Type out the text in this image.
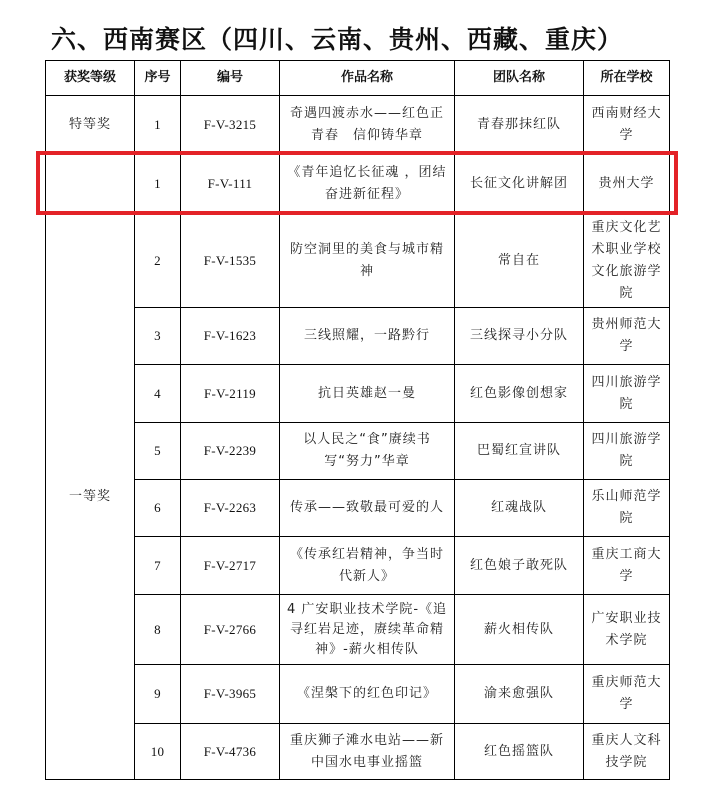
六、西南赛区（四川、云南、贵州、西藏、重庆）
获奖等级	序号	编号	作品名称	团队名称	所在学校
特等奖	1	F-V-3215	奇遇四渡赤水——红色正青春　信仰铸华章	青春那抹红队	西南财经大学
	1	F-V-111	《青年追忆长征魂 ，团结奋进新征程》	长征文化讲解团	贵州大学
一等奖	2	F-V-1535	防空洞里的美食与城市精神	常自在	重庆文化艺术职业学校文化旅游学院
	3	F-V-1623	三线照耀，一路黔行	三线探寻小分队	贵州师范大学
	4	F-V-2119	抗日英雄赵一曼	红色影像创想家	四川旅游学院
	5	F-V-2239	以人民之“食”赓续书写“努力”华章	巴蜀红宣讲队	四川旅游学院
	6	F-V-2263	传承——致敬最可爱的人	红魂战队	乐山师范学院
	7	F-V-2717	《传承红岩精神，争当时代新人》	红色娘子敢死队	重庆工商大学
	8	F-V-2766	4 广安职业技术学院-《追寻红岩足迹，赓续革命精神》-薪火相传队	薪火相传队	广安职业技术学院
	9	F-V-3965	《涅槃下的红色印记》	渝来愈强队	重庆师范大学
	10	F-V-4736	重庆狮子滩水电站——新中国水电事业摇篮	红色摇篮队	重庆人文科技学院
